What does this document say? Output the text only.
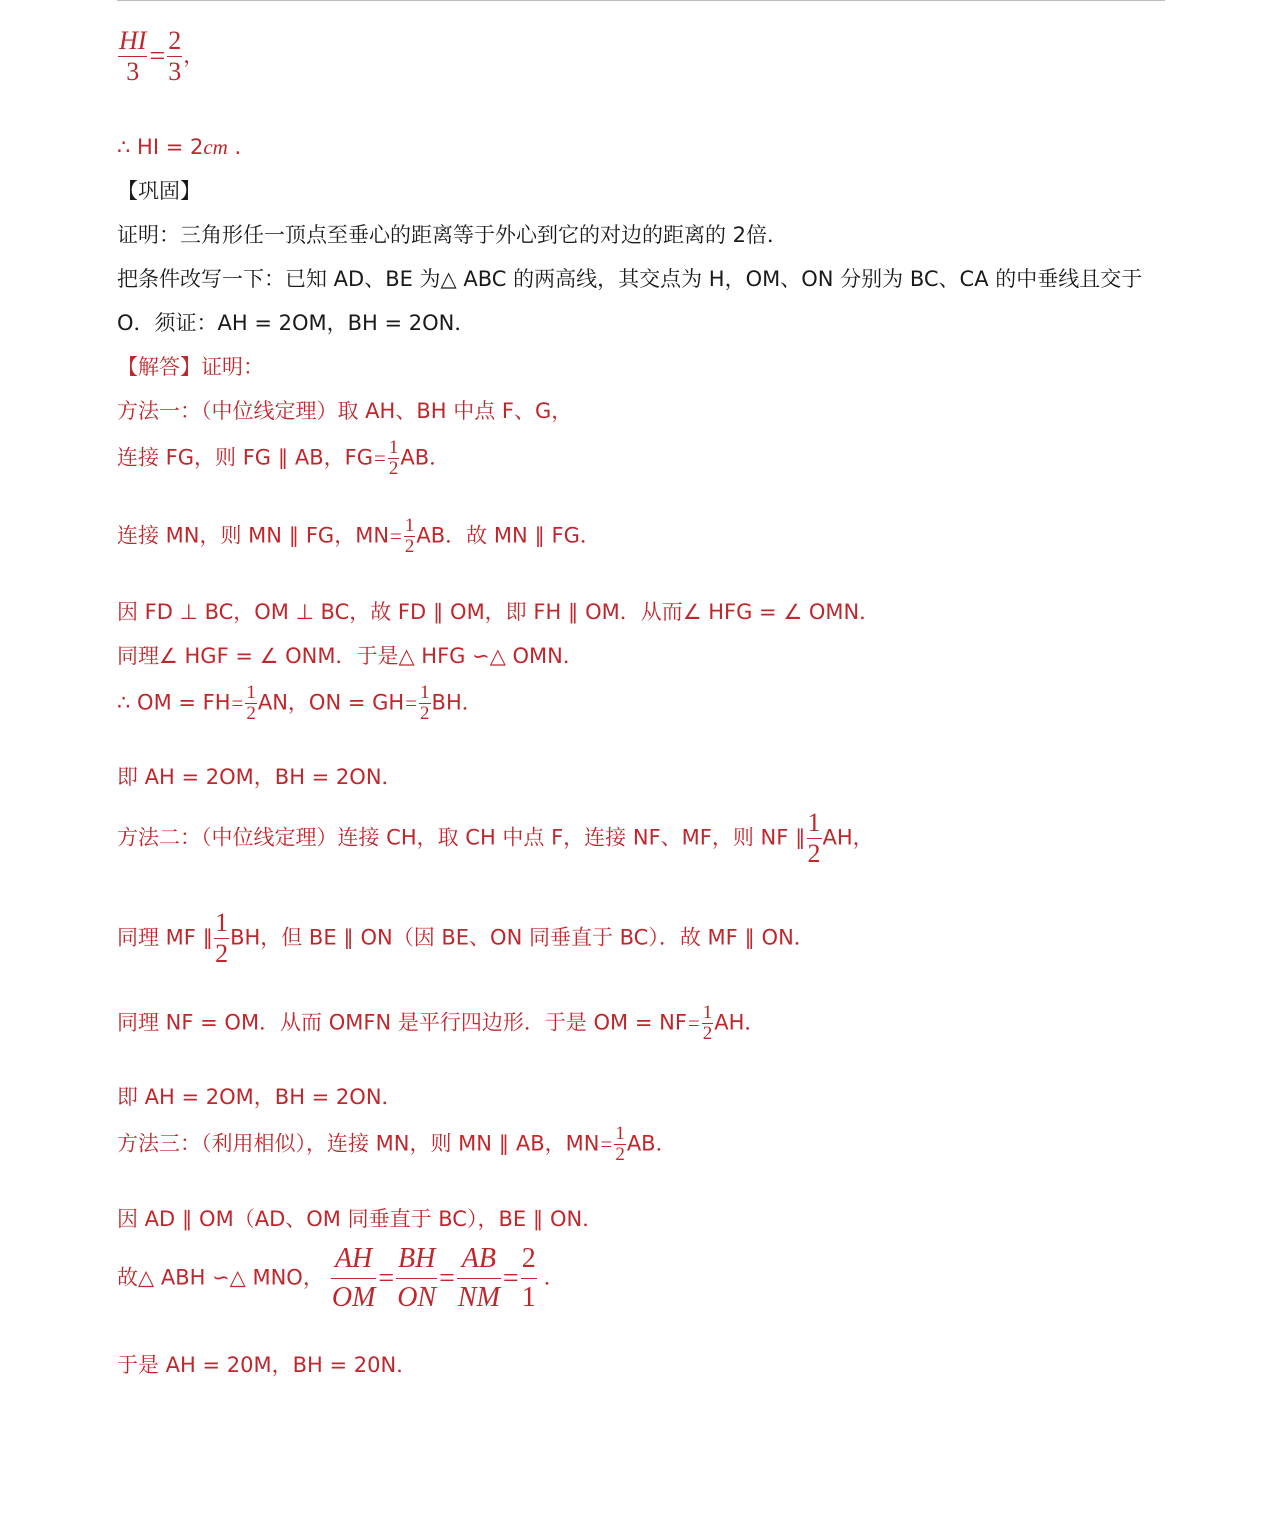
$\frac{HI}{3} = \frac{2}{3}$ ，
∴ HI = 2cm .
【巩固】
证明：三角形任一顶点至垂心的距离等于外心到它的对边的距离的 2倍．
把条件改写一下：已知 AD、BE 为△ ABC 的两高线，其交点为 H，OM、ON 分别为 BC、CA 的中垂线且交于
O．须证：AH = 2OM，BH = 2ON．
【解答】证明：
方法一：（中位线定理）取 AH、BH 中点 F、G，
连接 FG，则 FG ∥ AB，$FG= \frac{1}{2}$ AB．
连接 MN，则 MN ∥ FG，$MN= \frac{1}{2}$ AB．故 MN ∥ FG．
因 FD ⊥ BC，OM ⊥ BC，故 FD ∥ OM，即 FH ∥ OM．从而∠ HFG = ∠ OMN．
同理∠ HGF = ∠ ONM．于是△ HFG ∽△ OMN．
∴ OM = $FH= \frac{1}{2}$ AN，ON = $GH= \frac{1}{2}$ BH．
即 AH = 2OM，BH = 2ON．
方法二：（中位线定理）连接 CH，取 CH 中点 F，连接 NF、MF，则 NF ∥ $\frac{1}{2}$ AH，
同理 MF ∥ $\frac{1}{2}$ BH，但 BE ∥ ON（因 BE、ON 同垂直于 BC）．故 MF ∥ ON．
同理 NF = OM．从而 OMFN 是平行四边形．于是 OM = $NF= \frac{1}{2}$ AH．
即 AH = 2OM，BH = 2ON．
方法三：（利用相似），连接 MN，则 MN ∥ AB，$MN= \frac{1}{2}$ AB．
因 AD ∥ OM（AD、OM 同垂直于 BC），BE ∥ ON．
故△ ABH ∽△ MNO， $\frac{AH}{OM} = \frac{BH}{ON} = \frac{AB}{NM} = \frac{2}{1}$ ．
于是 AH = 20M，BH = 20N．
